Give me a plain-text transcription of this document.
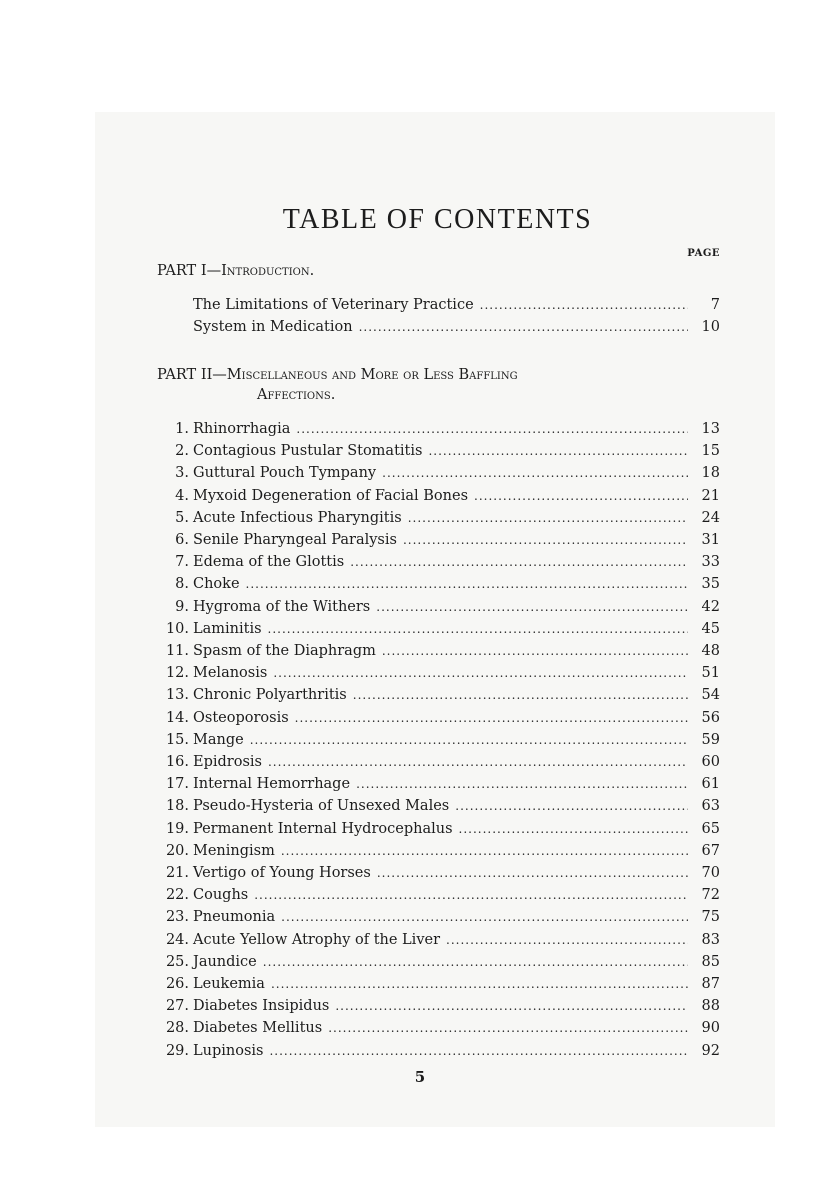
TABLE OF CONTENTS
PAGE
PART I—Introduction.
The Limitations of Veterinary Practice .....	7
System in Medication .....	10
PART II—Miscellaneous and More or Less Baffling
Affections.
1. Rhinorrhagia .....	13
2. Contagious Pustular Stomatitis .....	15
3. Guttural Pouch Tympany .....	18
4. Myxoid Degeneration of Facial Bones .....	21
5. Acute Infectious Pharyngitis .....	24
6. Senile Pharyngeal Paralysis .....	31
7. Edema of the Glottis .....	33
8. Choke .....	35
9. Hygroma of the Withers .....	42
10. Laminitis .....	45
11. Spasm of the Diaphragm .....	48
12. Melanosis .....	51
13. Chronic Polyarthritis .....	54
14. Osteoporosis .....	56
15. Mange .....	59
16. Epidrosis .....	60
17. Internal Hemorrhage .....	61
18. Pseudo-Hysteria of Unsexed Males .....	63
19. Permanent Internal Hydrocephalus .....	65
20. Meningism .....	67
21. Vertigo of Young Horses .....	70
22. Coughs .....	72
23. Pneumonia .....	75
24. Acute Yellow Atrophy of the Liver .....	83
25. Jaundice .....	85
26. Leukemia .....	87
27. Diabetes Insipidus .....	88
28. Diabetes Mellitus .....	90
29. Lupinosis .....	92
5
